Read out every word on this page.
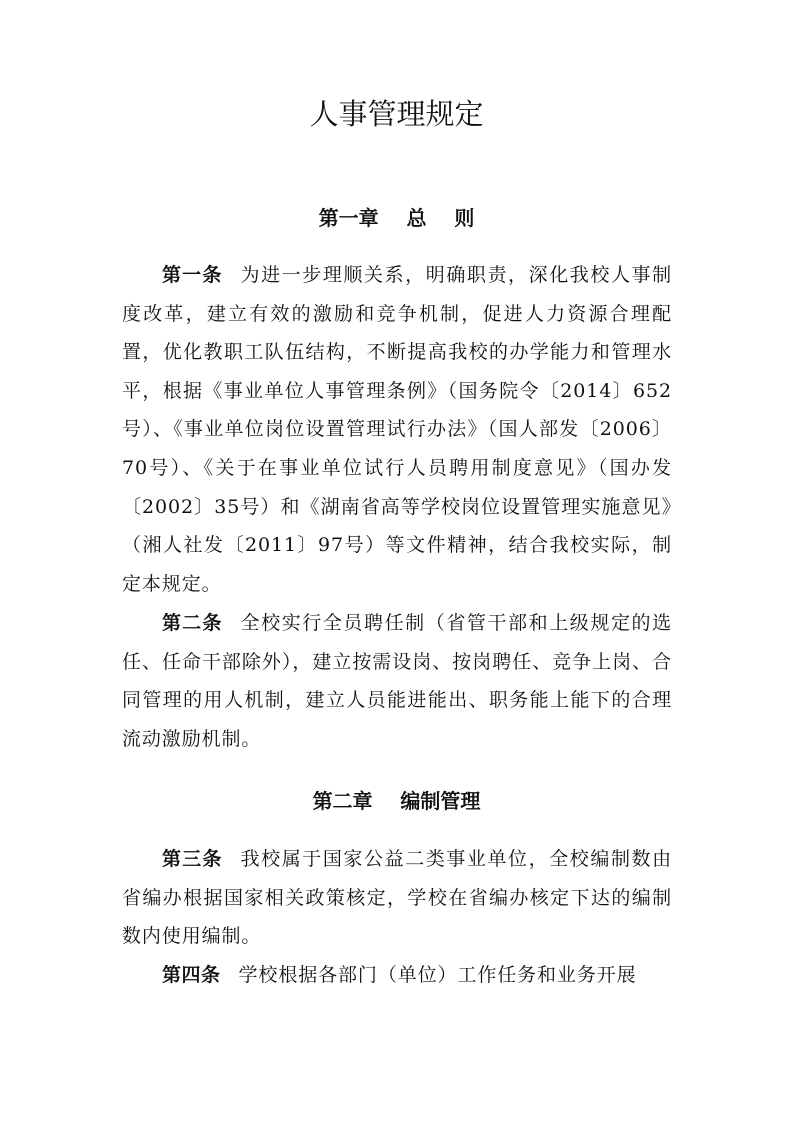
人事管理规定
第一章    总    则

第一条 为进一步理顺关系，明确职责，深化我校人事制度改革，建立有效的激励和竞争机制，促进人力资源合理配置，优化教职工队伍结构，不断提高我校的办学能力和管理水平，根据《事业单位人事管理条例》（国务院令〔2014〕652号）、《事业单位岗位设置管理试行办法》（国人部发〔2006〕70号）、《关于在事业单位试行人员聘用制度意见》（国办发〔2002〕35号）和《湖南省高等学校岗位设置管理实施意见》（湘人社发〔2011〕97号）等文件精神，结合我校实际，制定本规定。

第二条 全校实行全员聘任制（省管干部和上级规定的选任、任命干部除外），建立按需设岗、按岗聘任、竞争上岗、合同管理的用人机制，建立人员能进能出、职务能上能下的合理流动激励机制。

第二章    编制管理

第三条 我校属于国家公益二类事业单位，全校编制数由省编办根据国家相关政策核定，学校在省编办核定下达的编制数内使用编制。

第四条 学校根据各部门（单位）工作任务和业务开展
